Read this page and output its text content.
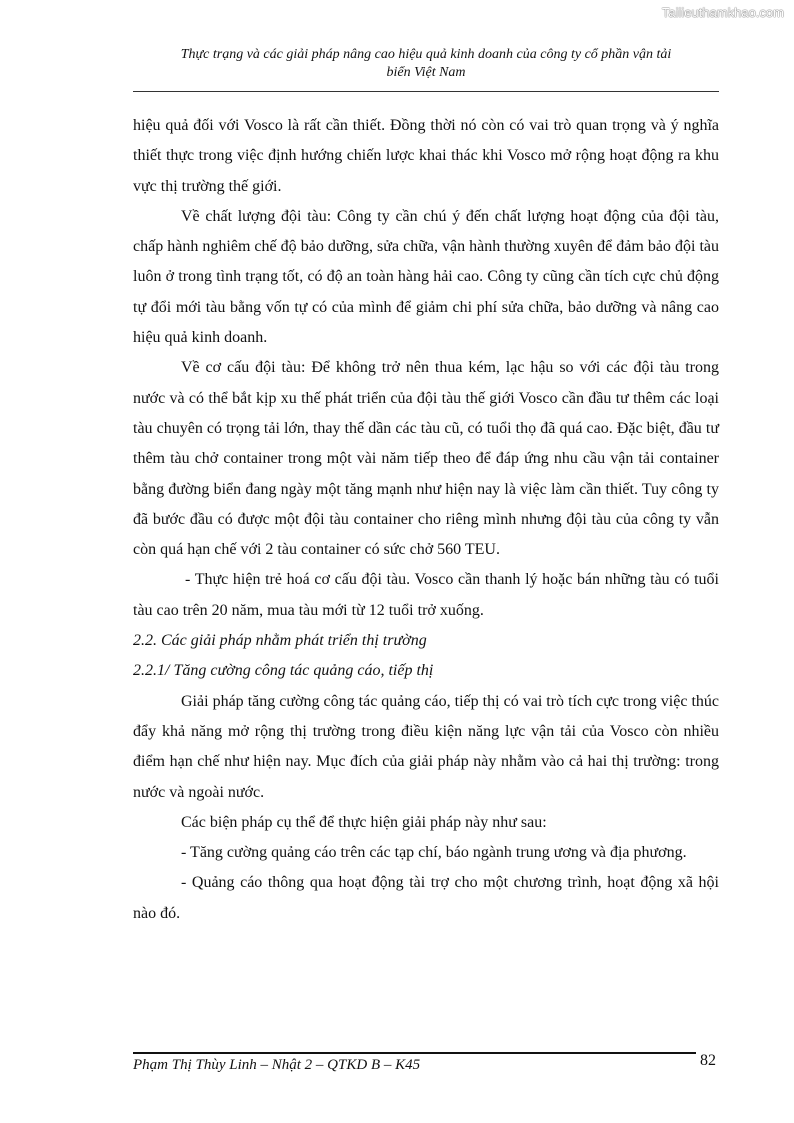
Tailieuthamkhao.com
Thực trạng và các giải pháp nâng cao hiệu quả kinh doanh của công ty cổ phần vận tải
biển Việt Nam

hiệu quả đối với Vosco là rất cần thiết. Đồng thời nó còn có vai trò quan trọng và ý nghĩa thiết thực trong việc định hướng chiến lược khai thác khi Vosco mở rộng hoạt động ra khu vực thị trường thế giới.

Về chất lượng đội tàu: Công ty cần chú ý đến chất lượng hoạt động của đội tàu, chấp hành nghiêm chế độ bảo dưỡng, sửa chữa, vận hành thường xuyên để đảm bảo đội tàu luôn ở trong tình trạng tốt, có độ an toàn hàng hải cao. Công ty cũng cần tích cực chủ động tự đổi mới tàu bằng vốn tự có của mình để giảm chi phí sửa chữa, bảo dưỡng và nâng cao hiệu quả kinh doanh.

Về cơ cấu đội tàu: Để không trở nên thua kém, lạc hậu so với các đội tàu trong nước và có thể bắt kịp xu thế phát triển của đội tàu thế giới Vosco cần đầu tư thêm các loại tàu chuyên có trọng tải lớn, thay thế dần các tàu cũ, có tuổi thọ đã quá cao. Đặc biệt, đầu tư thêm tàu chở container trong một vài năm tiếp theo để đáp ứng nhu cầu vận tải container bằng đường biển đang ngày một tăng mạnh như hiện nay là việc làm cần thiết. Tuy công ty đã bước đầu có được một đội tàu container cho riêng mình nhưng đội tàu của công ty vẫn còn quá hạn chế với 2 tàu container có sức chở 560 TEU.

- Thực hiện trẻ hoá cơ cấu đội tàu. Vosco cần thanh lý hoặc bán những tàu có tuổi tàu cao trên 20 năm, mua tàu mới từ 12 tuổi trở xuống.

2.2. Các giải pháp nhằm phát triển thị trường

2.2.1/ Tăng cường công tác quảng cáo, tiếp thị

Giải pháp tăng cường công tác quảng cáo, tiếp thị có vai trò tích cực trong việc thúc đẩy khả năng mở rộng thị trường trong điều kiện năng lực vận tải của Vosco còn nhiều điểm hạn chế như hiện nay. Mục đích của giải pháp này nhằm vào cả hai thị trường: trong nước và ngoài nước.

Các biện pháp cụ thể để thực hiện giải pháp này như sau:

- Tăng cường quảng cáo trên các tạp chí, báo ngành trung ương và địa phương.

- Quảng cáo thông qua hoạt động tài trợ cho một chương trình, hoạt động xã hội nào đó.

Phạm Thị Thùy Linh – Nhật 2 – QTKD B – K45	82
